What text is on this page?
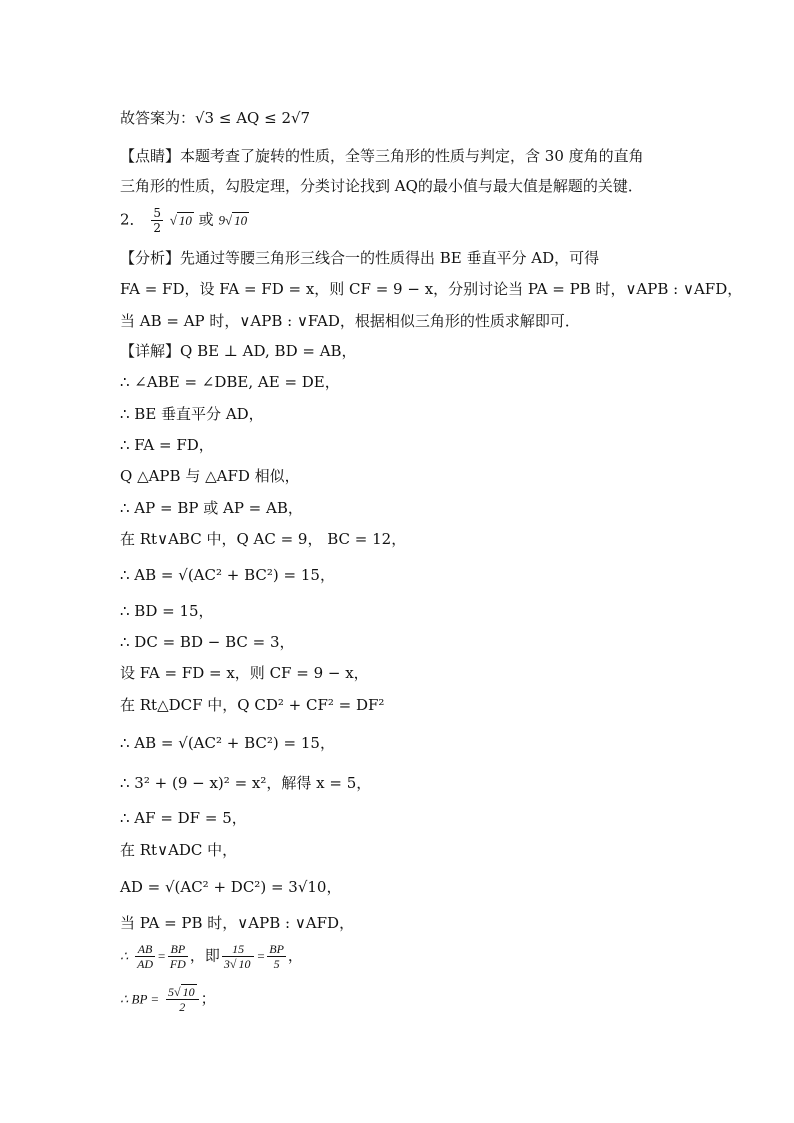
故答案为：√3 ≤ AQ ≤ 2√7
【点睛】本题考查了旋转的性质，全等三角形的性质与判定，含 30 度角的直角
三角形的性质，勾股定理，分类讨论找到 AQ的最小值与最大值是解题的关键．
2． $\frac{5}{2}$ √ 10 或 9√ 10
【分析】先通过等腰三角形三线合一的性质得出 BE 垂直平分 AD，可得
FA = FD，设 FA = FD = x，则 CF = 9 − x，分别讨论当 PA = PB 时，∨APB : ∨AFD，
当 AB = AP 时，∨APB : ∨FAD，根据相似三角形的性质求解即可．
【详解】Q BE ⊥ AD, BD = AB，
∴ ∠ABE = ∠DBE, AE = DE，
∴ BE 垂直平分 AD，
∴ FA = FD，
Q △APB 与 △AFD 相似，
∴ AP = BP 或 AP = AB，
在 Rt∨ABC 中，Q AC = 9， BC = 12，
∴ AB = √(AC² + BC²) = 15，
∴ BD = 15，
∴ DC = BD − BC = 3，
设 FA = FD = x，则 CF = 9 − x，
在 Rt△DCF 中，Q CD² + CF² = DF²
∴ AB = √(AC² + BC²) = 15，
∴ 3² + (9 − x)² = x²，解得 x = 5，
∴ AF = DF = 5，
在 Rt∨ADC 中，
AD = √(AC² + DC²) = 3√10，
当 PA = PB 时，∨APB : ∨AFD，
∴ $\frac{AB}{AD} = \frac{BP}{FD}$ ，即 $\frac{15}{3√ 10} = \frac{BP}{5}$ ，
∴ BP = $\frac{5√ 10}{2}$ ；
